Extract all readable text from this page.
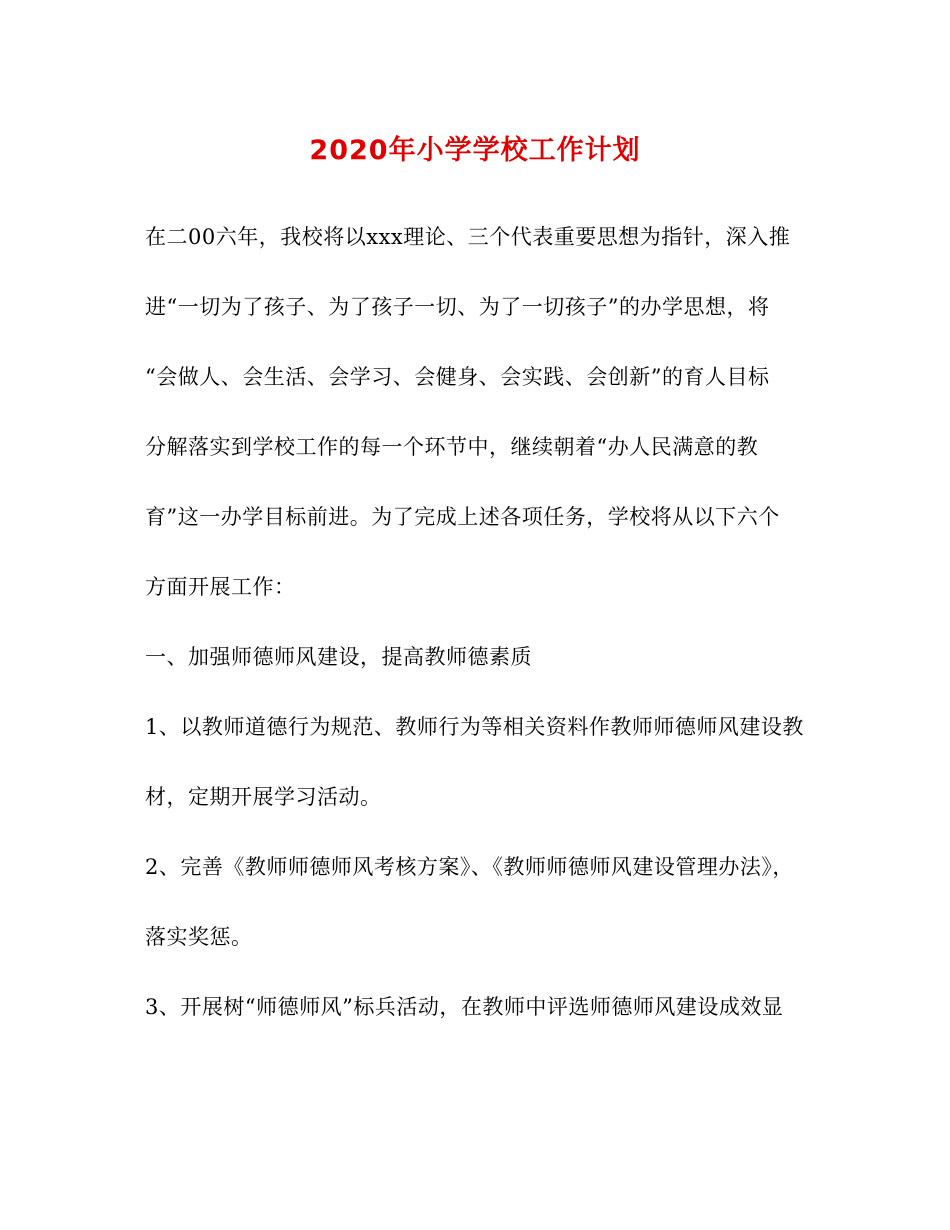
2020年小学学校工作计划
在二00六年，我校将以xxx理论、三个代表重要思想为指针，深入推
进“一切为了孩子、为了孩子一切、为了一切孩子”的办学思想，将
“会做人、会生活、会学习、会健身、会实践、会创新”的育人目标
分解落实到学校工作的每一个环节中，继续朝着“办人民满意的教
育”这一办学目标前进。为了完成上述各项任务，学校将从以下六个
方面开展工作：
一、加强师德师风建设，提高教师德素质
1、以教师道德行为规范、教师行为等相关资料作教师师德师风建设教
材，定期开展学习活动。
2、完善《教师师德师风考核方案》、《教师师德师风建设管理办法》，
落实奖惩。
3、开展树“师德师风”标兵活动，在教师中评选师德师风建设成效显
